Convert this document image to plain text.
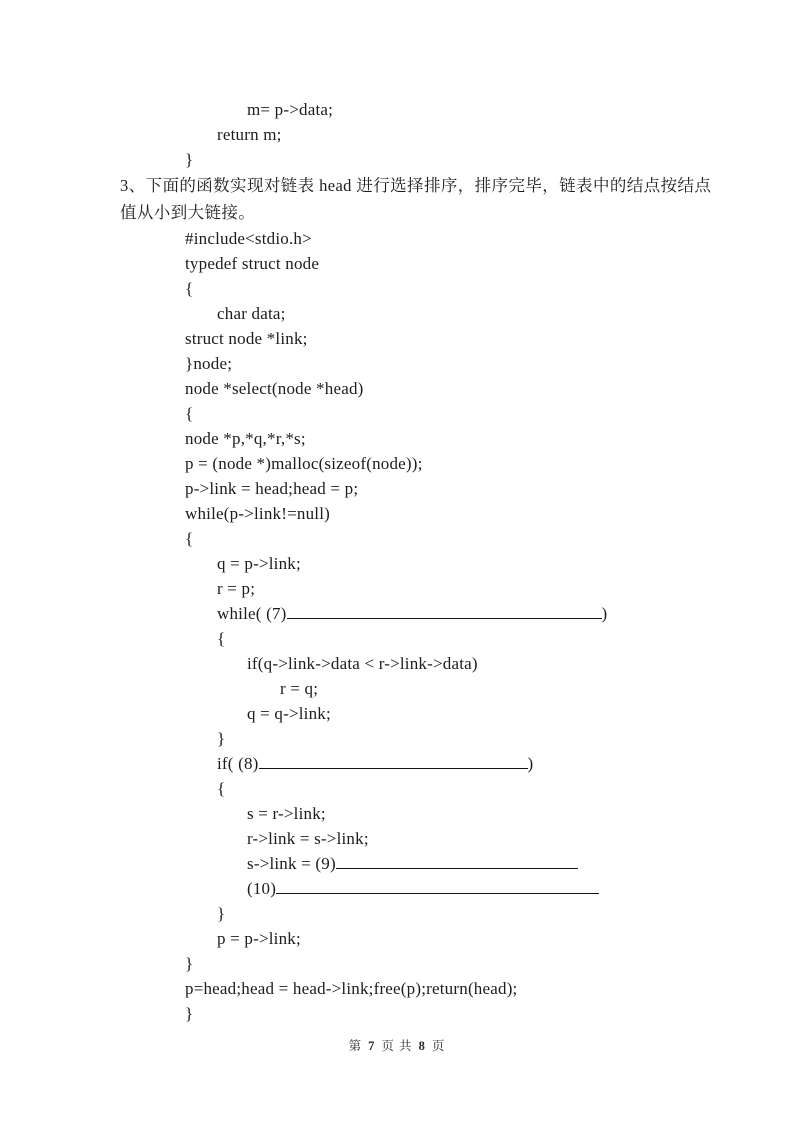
m= p->data;
return m;
}
3、下面的函数实现对链表 head 进行选择排序，排序完毕，链表中的结点按结点
值从小到大链接。
#include<stdio.h>
typedef struct node
{
char data;
struct node *link;
}node;
node *select(node *head)
{
node *p,*q,*r,*s;
p = (node *)malloc(sizeof(node));
p->link = head;head = p;
while(p->link!=null)
{
q = p->link;
r = p;
while( (7)	)
{
if(q->link->data < r->link->data)
r = q;
q = q->link;
}
if( (8)	)
{
s = r->link;
r->link = s->link;
s->link = (9)
(10)
}
p = p->link;
}
p=head;head = head->link;free(p);return(head);
}
第 7 页 共 8 页
